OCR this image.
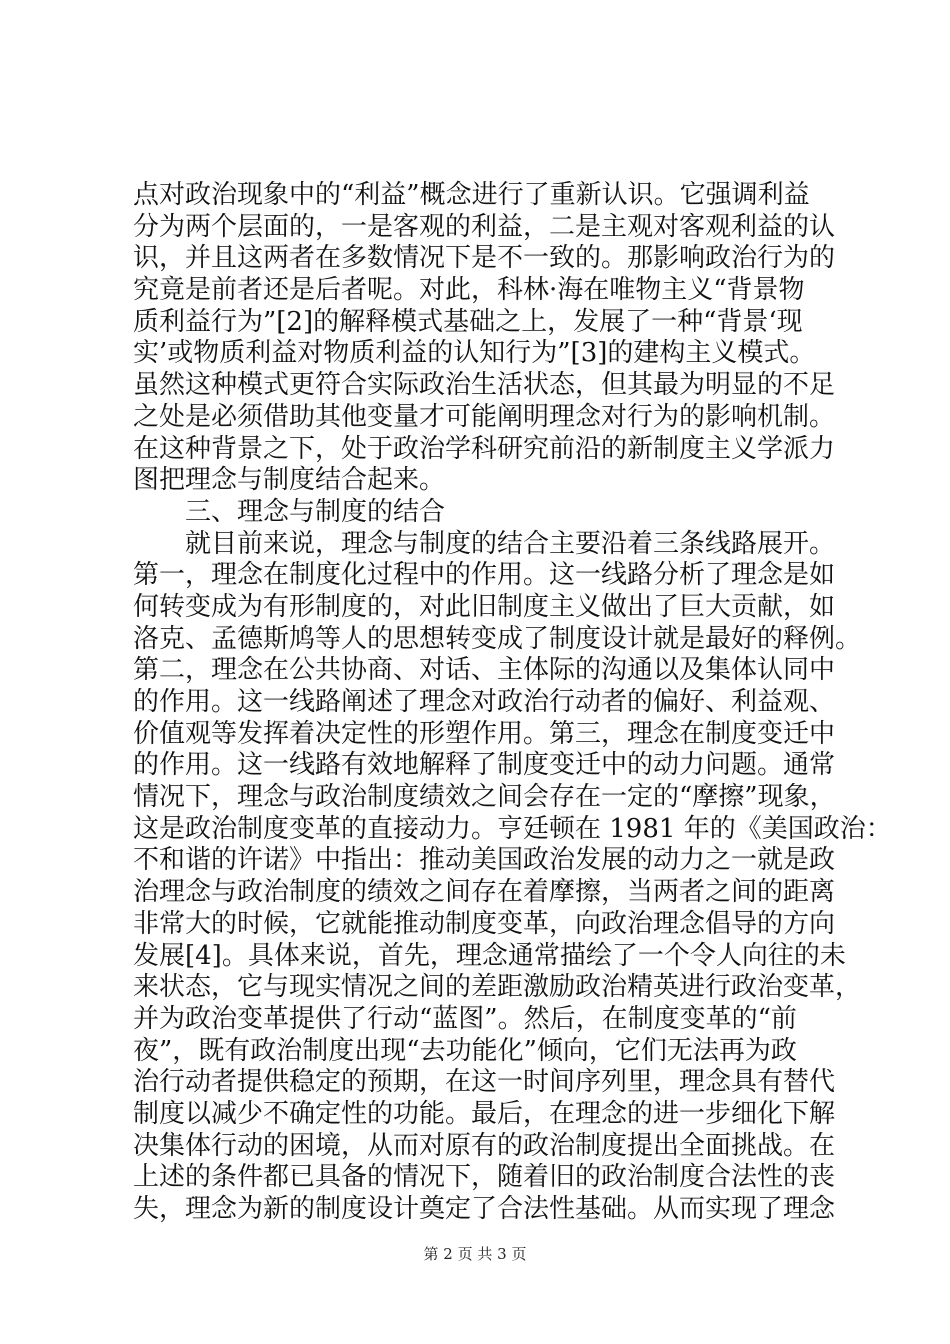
点对政治现象中的“利益”概念进行了重新认识。它强调利益
分为两个层面的，一是客观的利益，二是主观对客观利益的认
识，并且这两者在多数情况下是不一致的。那影响政治行为的
究竟是前者还是后者呢。对此，科林·海在唯物主义“背景物
质利益行为”[2]的解释模式基础之上，发展了一种“背景‘现
实’或物质利益对物质利益的认知行为”[3]的建构主义模式。
虽然这种模式更符合实际政治生活状态，但其最为明显的不足
之处是必须借助其他变量才可能阐明理念对行为的影响机制。
在这种背景之下，处于政治学科研究前沿的新制度主义学派力
图把理念与制度结合起来。
三、理念与制度的结合
就目前来说，理念与制度的结合主要沿着三条线路展开。
第一，理念在制度化过程中的作用。这一线路分析了理念是如
何转变成为有形制度的，对此旧制度主义做出了巨大贡献，如
洛克、孟德斯鸠等人的思想转变成了制度设计就是最好的释例。
第二，理念在公共协商、对话、主体际的沟通以及集体认同中
的作用。这一线路阐述了理念对政治行动者的偏好、利益观、
价值观等发挥着决定性的形塑作用。第三，理念在制度变迁中
的作用。这一线路有效地解释了制度变迁中的动力问题。通常
情况下，理念与政治制度绩效之间会存在一定的“摩擦”现象，
这是政治制度变革的直接动力。亨廷顿在 1981 年的《美国政治：
不和谐的许诺》中指出：推动美国政治发展的动力之一就是政
治理念与政治制度的绩效之间存在着摩擦，当两者之间的距离
非常大的时候，它就能推动制度变革，向政治理念倡导的方向
发展[4]。具体来说，首先，理念通常描绘了一个令人向往的未
来状态，它与现实情况之间的差距激励政治精英进行政治变革，
并为政治变革提供了行动“蓝图”。然后，在制度变革的“前
夜”，既有政治制度出现“去功能化”倾向，它们无法再为政
治行动者提供稳定的预期，在这一时间序列里，理念具有替代
制度以减少不确定性的功能。最后，在理念的进一步细化下解
决集体行动的困境，从而对原有的政治制度提出全面挑战。在
上述的条件都已具备的情况下，随着旧的政治制度合法性的丧
失，理念为新的制度设计奠定了合法性基础。从而实现了理念
第 2 页 共 3 页
